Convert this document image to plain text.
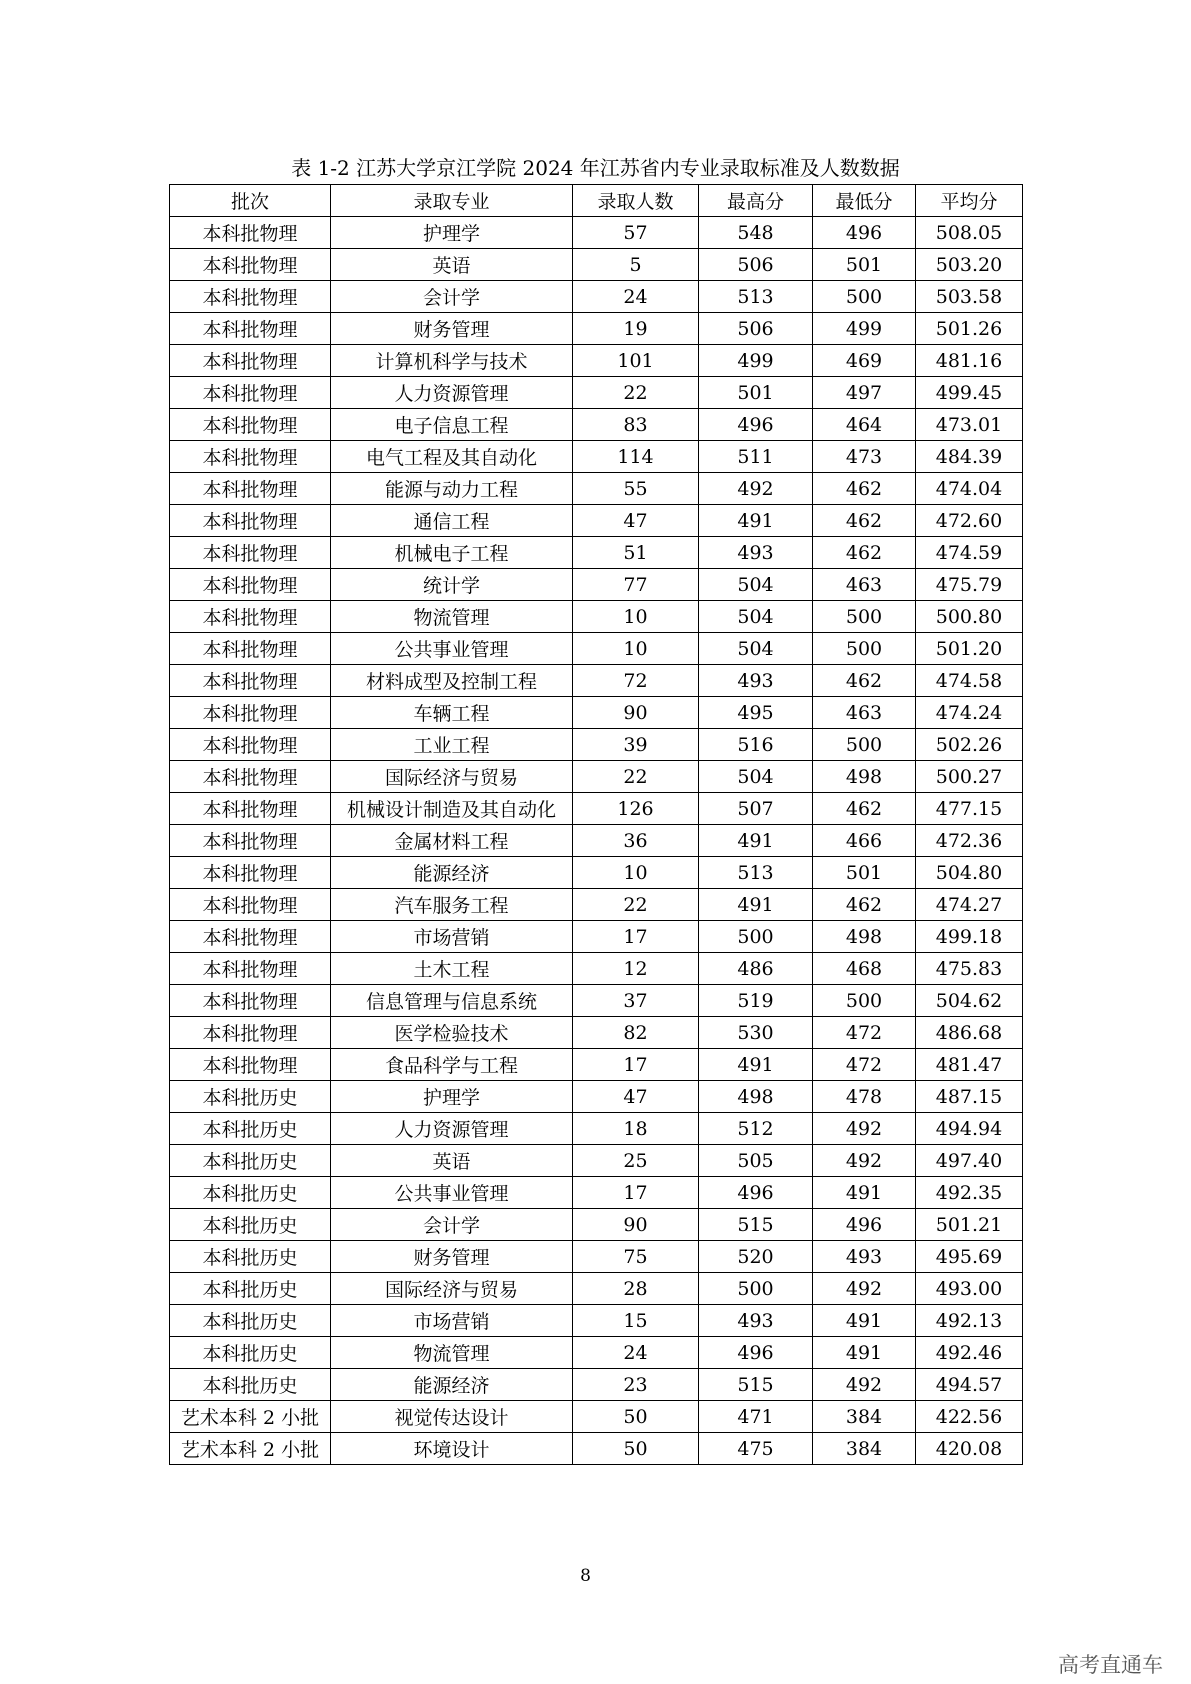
表 1-2 江苏大学京江学院 2024 年江苏省内专业录取标准及人数数据
批次	录取专业	录取人数	最高分	最低分	平均分
本科批物理	护理学	57	548	496	508.05
本科批物理	英语	5	506	501	503.20
本科批物理	会计学	24	513	500	503.58
本科批物理	财务管理	19	506	499	501.26
本科批物理	计算机科学与技术	101	499	469	481.16
本科批物理	人力资源管理	22	501	497	499.45
本科批物理	电子信息工程	83	496	464	473.01
本科批物理	电气工程及其自动化	114	511	473	484.39
本科批物理	能源与动力工程	55	492	462	474.04
本科批物理	通信工程	47	491	462	472.60
本科批物理	机械电子工程	51	493	462	474.59
本科批物理	统计学	77	504	463	475.79
本科批物理	物流管理	10	504	500	500.80
本科批物理	公共事业管理	10	504	500	501.20
本科批物理	材料成型及控制工程	72	493	462	474.58
本科批物理	车辆工程	90	495	463	474.24
本科批物理	工业工程	39	516	500	502.26
本科批物理	国际经济与贸易	22	504	498	500.27
本科批物理	机械设计制造及其自动化	126	507	462	477.15
本科批物理	金属材料工程	36	491	466	472.36
本科批物理	能源经济	10	513	501	504.80
本科批物理	汽车服务工程	22	491	462	474.27
本科批物理	市场营销	17	500	498	499.18
本科批物理	土木工程	12	486	468	475.83
本科批物理	信息管理与信息系统	37	519	500	504.62
本科批物理	医学检验技术	82	530	472	486.68
本科批物理	食品科学与工程	17	491	472	481.47
本科批历史	护理学	47	498	478	487.15
本科批历史	人力资源管理	18	512	492	494.94
本科批历史	英语	25	505	492	497.40
本科批历史	公共事业管理	17	496	491	492.35
本科批历史	会计学	90	515	496	501.21
本科批历史	财务管理	75	520	493	495.69
本科批历史	国际经济与贸易	28	500	492	493.00
本科批历史	市场营销	15	493	491	492.13
本科批历史	物流管理	24	496	491	492.46
本科批历史	能源经济	23	515	492	494.57
艺术本科 2 小批	视觉传达设计	50	471	384	422.56
艺术本科 2 小批	环境设计	50	475	384	420.08
8
高考直通车
